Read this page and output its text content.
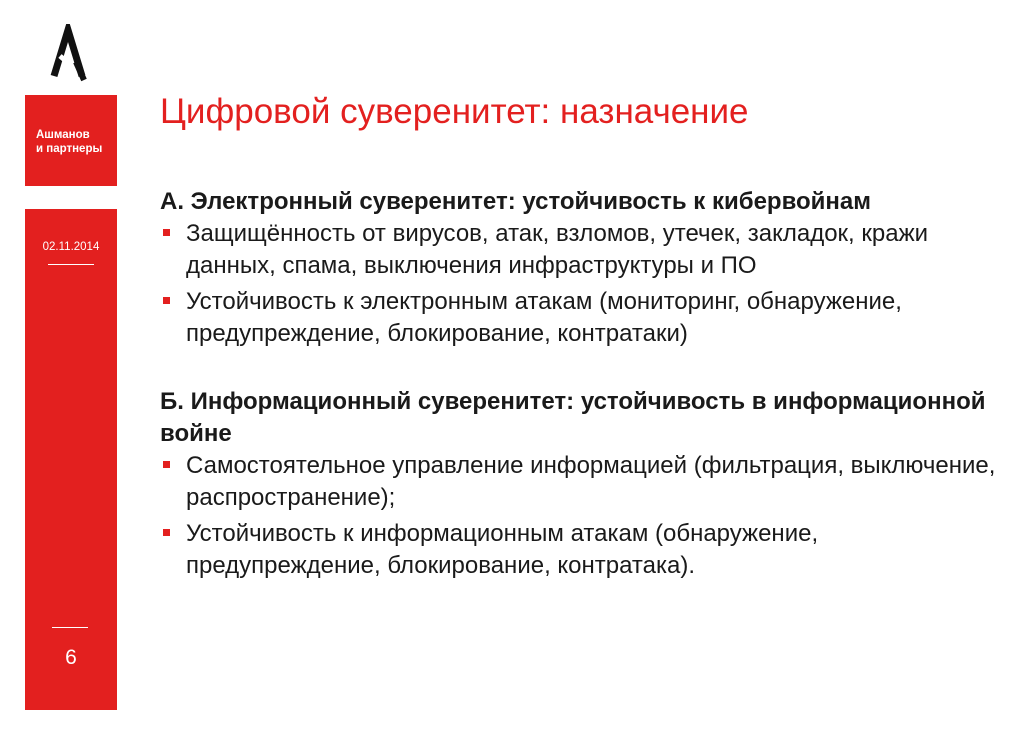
Ашманов
и партнеры
02.11.2014
6
Цифровой суверенитет: назначение

А. Электронный суверенитет: устойчивость к кибервойнам

Защищённость от вирусов, атак, взломов, утечек, закладок, кражи данных, спама, выключения инфраструктуры и ПО
Устойчивость к электронным атакам (мониторинг, обнаружение, предупреждение, блокирование, контратаки)

Б. Информационный суверенитет: устойчивость в информационной войне

Самостоятельное управление информацией (фильтрация, выключение, распространение);
Устойчивость к информационным атакам (обнаружение, предупреждение, блокирование, контратака).
